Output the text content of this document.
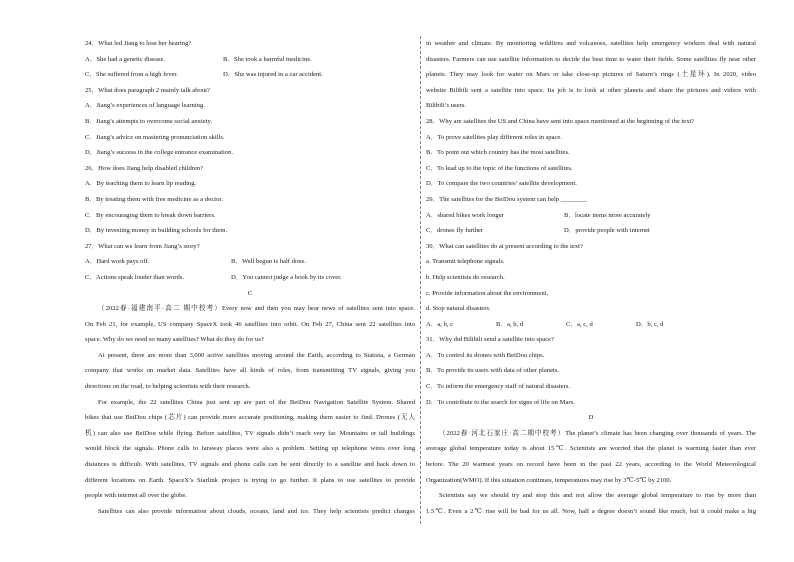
24．What led Jiang to lose her hearing?
A．She had a genetic disease.	B．She took a harmful medicine.
C．She suffered from a high fever.	D．She was injured in a car accident.
25．What does paragraph 2 mainly talk about?
A．Jiang’s experiences of language learning.
B．Jiang’s attempts to overcome social anxiety.
C．Jiang’s advice on mastering pronunciation skills.
D．Jiang’s success in the college entrance examination.
26．How does Jiang help disabled children?
A．By teaching them to learn lip reading.
B．By treating them with free medicine as a doctor.
C．By encouraging them to break down barriers.
D．By investing money in building schools for them.
27．What can we learn from Jiang’s story?
A．Hard work pays off.	B．Well begun is half done.
C．Actions speak louder than words.	D．You cannot judge a book by its cover.
C
（2022春·福建南平·高二 期中校考）Every now and then you may hear news of satellites sent into space.
On Feb 21, for example, US company SpaceX took 46 satellites into orbit. On Feb 27, China sent 22 satellites into
space. Why do we need so many satellites? What do they do for us?
At present, there are more than 3,000 active satellites moving around the Earth, according to Statista, a German
company that works on market data. Satellites have all kinds of roles, from transmitting TV signals, giving you
directions on the road, to helping scientists with their research.
For example, the 22 satellites China just sent up are part of the BeiDou Navigation Satellite System. Shared
bikes that use BeiDou chips (芯片) can provide more accurate positioning, making them easier to find. Drones (无人
机) can also use BeiDou while flying. Before satellites, TV signals didn’t reach very far. Mountains or tall buildings
would block the signals. Phone calls to faraway places were also a problem. Setting up telephone wires over long
distances is difficult. With satellites, TV signals and phone calls can be sent directly to a satellite and back down to
different locations on Earth. SpaceX’s Starlink project is trying to go further. It plans to use satellites to provide
people with internet all over the globe.
Satellites can also provide information about clouds, oceans, land and ice. They help scientists predict changes
in weather and climate. By monitoring wildfires and volcanoes, satellites help emergency workers deal with natural
disasters. Farmers can use satellite information to decide the best time to water their fields. Some satellites fly near other
planets. They may look for water on Mars or take close-up pictures of Saturn’s rings (土星环). In 2020, video
website Bilibili sent a satellite into space. Its job is to look at other planets and share the pictures and videos with
Bilibili’s users.
28．Why are satellites the US and China have sent into space mentioned at the beginning of the text?
A．To prove satellites play different roles in space.
B．To point out which country has the most satellites.
C．To lead up to the topic of the functions of satellites.
D．To compare the two countries’ satellite development.
29．The satellites for the BeiDou system can help ________
A．shared bikes work longer	B．locate items more accurately
C．drones fly further	D．provide people with internet
30．What can satellites do at present according to the text?
a. Transmit telephone signals.
b. Help scientists do research.
c. Provide information about the environment.
d. Stop natural disasters.
A．a, b, c	B．a, b, d	C．a, c, d	D．b, c, d
31．Why did Bilibili send a satellite into space?
A．To control its drones with BeiDou chips.
B．To provide its users with data of other planets.
C．To inform the emergency staff of natural disasters.
D．To contribute to the search for signs of life on Mars.
D
（2022春·河北石家庄·高二期中校考）The planet’s climate has been changing over thousands of years. The
average global temperature today is about 15℃. Scientists are worried that the planet is warming faster than ever
before. The 20 warmest years on record have been in the past 22 years, according to the World Meteorological
Organization(WMO). If this situation continues, temperatures may rise by 3℃-5℃ by 2100.
Scientists say we should try and stop this and not allow the average global temperature to rise by more than
1.5℃. Even a 2℃ rise will be bad for us all. Now, half a degree doesn’t sound like much, but it could make a big
